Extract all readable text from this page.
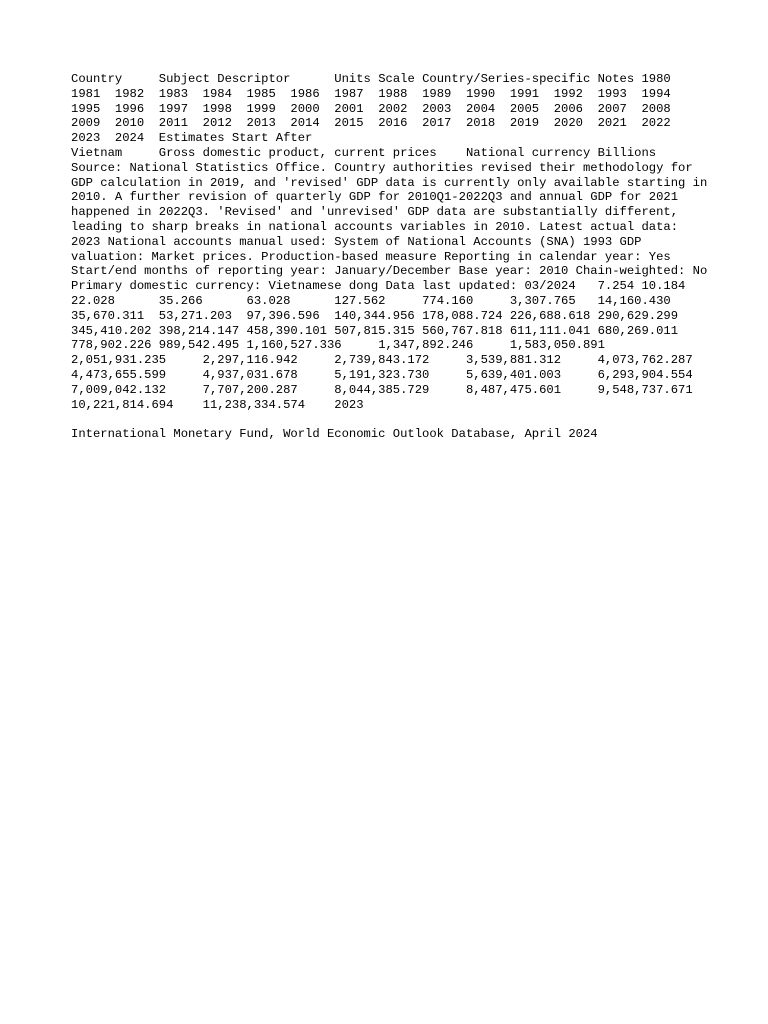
Country	Subject Descriptor	Units	Scale	Country/Series-specific Notes	1980	1981	1982	1983	1984	1985	1986	1987	1988	1989	1990	1991	1992	1993	1994	1995	1996	1997	1998	1999	2000	2001	2002	2003	2004	2005	2006	2007	2008	2009	2010	2011	2012	2013	2014	2015	2016	2017	2018	2019	2020	2021	2022	2023	2024	Estimates Start After
Vietnam	Gross domestic product, current prices	National currency	Billions	Source: National Statistics Office. Country authorities revised their methodology for GDP calculation in 2019, and 'revised' GDP data is currently only available starting in 2010. A further revision of quarterly GDP for 2010Q1-2022Q3 and annual GDP for 2021 happened in 2022Q3. 'Revised' and 'unrevised' GDP data are substantially different, leading to sharp breaks in national accounts variables in 2010. Latest actual data: 2023 National accounts manual used: System of National Accounts (SNA) 1993 GDP valuation: Market prices. Production-based measure Reporting in calendar year: Yes Start/end months of reporting year: January/December Base year: 2010 Chain-weighted: No Primary domestic currency: Vietnamese dong Data last updated: 03/2024	7.254	10.184	22.028	35.266	63.028	127.562	774.160	3,307.765	14,160.430	35,670.311	53,271.203	97,396.596	140,344.956	178,088.724	226,688.618	290,629.299	345,410.202	398,214.147	458,390.101	507,815.315	560,767.818	611,111.041	680,269.011	778,902.226	989,542.495	1,160,527.336	1,347,892.246	1,583,050.891	2,051,931.235	2,297,116.942	2,739,843.172	3,539,881.312	4,073,762.287	4,473,655.599	4,937,031.678	5,191,323.730	5,639,401.003	6,293,904.554	7,009,042.132	7,707,200.287	8,044,385.729	8,487,475.601	9,548,737.671	10,221,814.694	11,238,334.574	2023
International Monetary Fund, World Economic Outlook Database, April 2024
